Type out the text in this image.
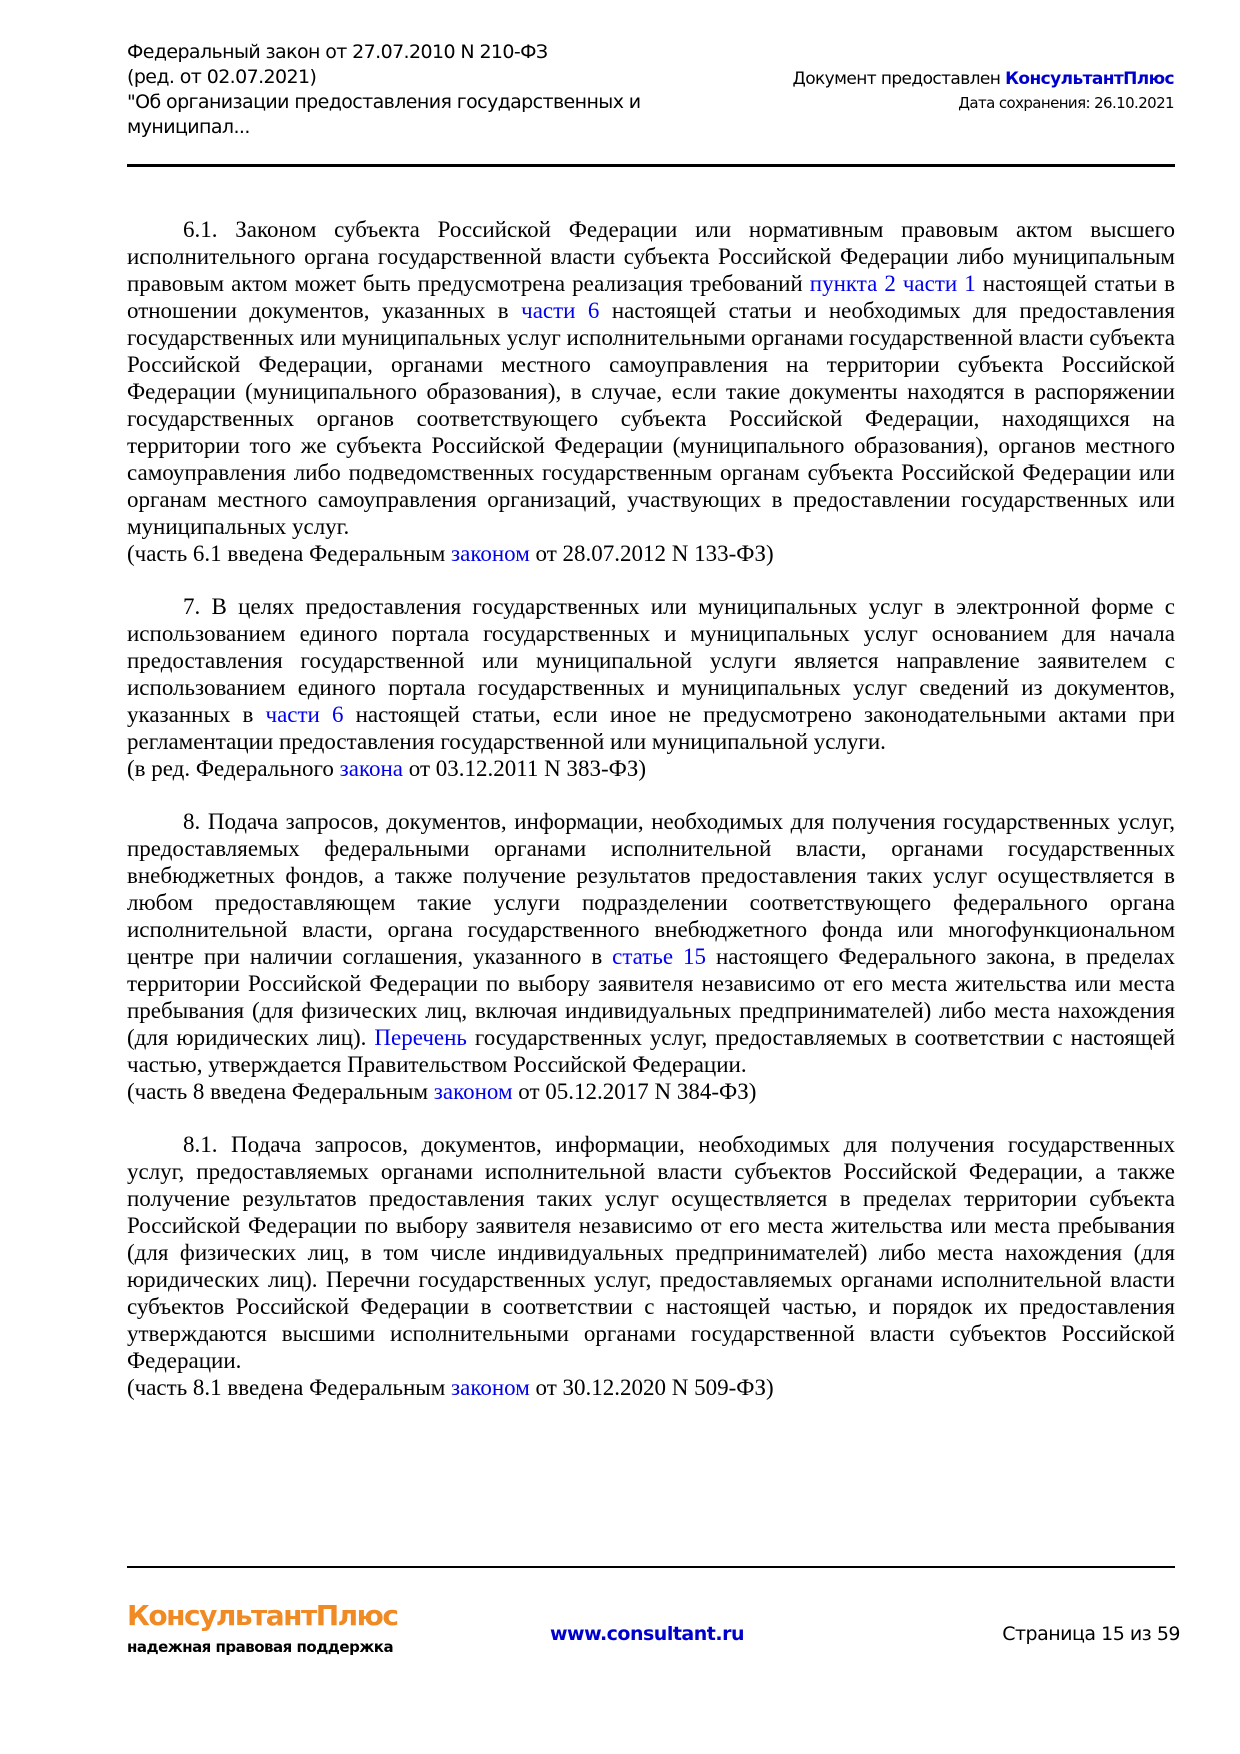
Федеральный закон от 27.07.2010 N 210-ФЗ
(ред. от 02.07.2021)
"Об организации предоставления государственных и
муниципал...
Документ предоставлен КонсультантПлюс
Дата сохранения: 26.10.2021

6.1. Законом субъекта Российской Федерации или нормативным правовым актом высшего исполнительного органа государственной власти субъекта Российской Федерации либо муниципальным правовым актом может быть предусмотрена реализация требований пункта 2 части 1 настоящей статьи в отношении документов, указанных в части 6 настоящей статьи и необходимых для предоставления государственных или муниципальных услуг исполнительными органами государственной власти субъекта Российской Федерации, органами местного самоуправления на территории субъекта Российской Федерации (муниципального образования), в случае, если такие документы находятся в распоряжении государственных органов соответствующего субъекта Российской Федерации, находящихся на территории того же субъекта Российской Федерации (муниципального образования), органов местного самоуправления либо подведомственных государственным органам субъекта Российской Федерации или органам местного самоуправления организаций, участвующих в предоставлении государственных или муниципальных услуг.

(часть 6.1 введена Федеральным законом от 28.07.2012 N 133-ФЗ)

7. В целях предоставления государственных или муниципальных услуг в электронной форме с использованием единого портала государственных и муниципальных услуг основанием для начала предоставления государственной или муниципальной услуги является направление заявителем с использованием единого портала государственных и муниципальных услуг сведений из документов, указанных в части 6 настоящей статьи, если иное не предусмотрено законодательными актами при регламентации предоставления государственной или муниципальной услуги.

(в ред. Федерального закона от 03.12.2011 N 383-ФЗ)

8. Подача запросов, документов, информации, необходимых для получения государственных услуг, предоставляемых федеральными органами исполнительной власти, органами государственных внебюджетных фондов, а также получение результатов предоставления таких услуг осуществляется в любом предоставляющем такие услуги подразделении соответствующего федерального органа исполнительной власти, органа государственного внебюджетного фонда или многофункциональном центре при наличии соглашения, указанного в статье 15 настоящего Федерального закона, в пределах территории Российской Федерации по выбору заявителя независимо от его места жительства или места пребывания (для физических лиц, включая индивидуальных предпринимателей) либо места нахождения (для юридических лиц). Перечень государственных услуг, предоставляемых в соответствии с настоящей частью, утверждается Правительством Российской Федерации.

(часть 8 введена Федеральным законом от 05.12.2017 N 384-ФЗ)

8.1. Подача запросов, документов, информации, необходимых для получения государственных услуг, предоставляемых органами исполнительной власти субъектов Российской Федерации, а также получение результатов предоставления таких услуг осуществляется в пределах территории субъекта Российской Федерации по выбору заявителя независимо от его места жительства или места пребывания (для физических лиц, в том числе индивидуальных предпринимателей) либо места нахождения (для юридических лиц). Перечни государственных услуг, предоставляемых органами исполнительной власти субъектов Российской Федерации в соответствии с настоящей частью, и порядок их предоставления утверждаются высшими исполнительными органами государственной власти субъектов Российской Федерации.

(часть 8.1 введена Федеральным законом от 30.12.2020 N 509-ФЗ)

КонсультантПлюс
надежная правовая поддержка
www.consultant.ru	Страница 15 из 59
